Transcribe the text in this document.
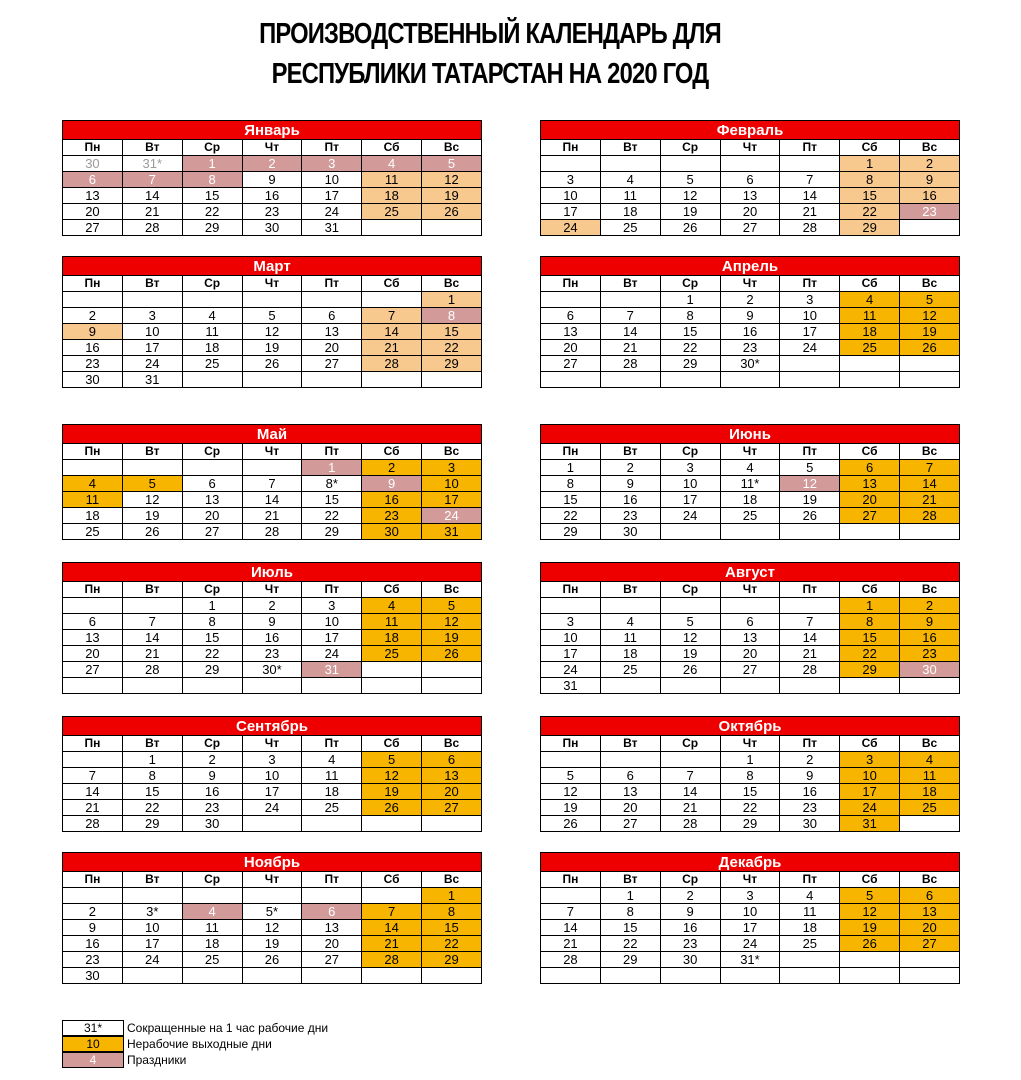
ПРОИЗВОДСТВЕННЫЙ КАЛЕНДАРЬ ДЛЯ
РЕСПУБЛИКИ ТАТАРСТАН НА 2020 ГОД
Январь
Пн	Вт	Ср	Чт	Пт	Сб	Вс
30	31*	1	2	3	4	5
6	7	8	9	10	11	12
13	14	15	16	17	18	19
20	21	22	23	24	25	26
27	28	29	30	31		
Февраль
Пн	Вт	Ср	Чт	Пт	Сб	Вс
					1	2
3	4	5	6	7	8	9
10	11	12	13	14	15	16
17	18	19	20	21	22	23
24	25	26	27	28	29	
Март
Пн	Вт	Ср	Чт	Пт	Сб	Вс
						1
2	3	4	5	6	7	8
9	10	11	12	13	14	15
16	17	18	19	20	21	22
23	24	25	26	27	28	29
30	31					
Апрель
Пн	Вт	Ср	Чт	Пт	Сб	Вс
		1	2	3	4	5
6	7	8	9	10	11	12
13	14	15	16	17	18	19
20	21	22	23	24	25	26
27	28	29	30*			

Май
Пн	Вт	Ср	Чт	Пт	Сб	Вс
				1	2	3
4	5	6	7	8*	9	10
11	12	13	14	15	16	17
18	19	20	21	22	23	24
25	26	27	28	29	30	31
Июнь
Пн	Вт	Ср	Чт	Пт	Сб	Вс
1	2	3	4	5	6	7
8	9	10	11*	12	13	14
15	16	17	18	19	20	21
22	23	24	25	26	27	28
29	30					
Июль
Пн	Вт	Ср	Чт	Пт	Сб	Вс
		1	2	3	4	5
6	7	8	9	10	11	12
13	14	15	16	17	18	19
20	21	22	23	24	25	26
27	28	29	30*	31		

Август
Пн	Вт	Ср	Чт	Пт	Сб	Вс
					1	2
3	4	5	6	7	8	9
10	11	12	13	14	15	16
17	18	19	20	21	22	23
24	25	26	27	28	29	30
31						
Сентябрь
Пн	Вт	Ср	Чт	Пт	Сб	Вс
	1	2	3	4	5	6
7	8	9	10	11	12	13
14	15	16	17	18	19	20
21	22	23	24	25	26	27
28	29	30				
Октябрь
Пн	Вт	Ср	Чт	Пт	Сб	Вс
			1	2	3	4
5	6	7	8	9	10	11
12	13	14	15	16	17	18
19	20	21	22	23	24	25
26	27	28	29	30	31	
Ноябрь
Пн	Вт	Ср	Чт	Пт	Сб	Вс
						1
2	3*	4	5*	6	7	8
9	10	11	12	13	14	15
16	17	18	19	20	21	22
23	24	25	26	27	28	29
30						
Декабрь
Пн	Вт	Ср	Чт	Пт	Сб	Вс
	1	2	3	4	5	6
7	8	9	10	11	12	13
14	15	16	17	18	19	20
21	22	23	24	25	26	27
28	29	30	31*			

31*	Сокращенные на 1 час рабочие дни
10	Нерабочие выходные дни
4	Праздники
